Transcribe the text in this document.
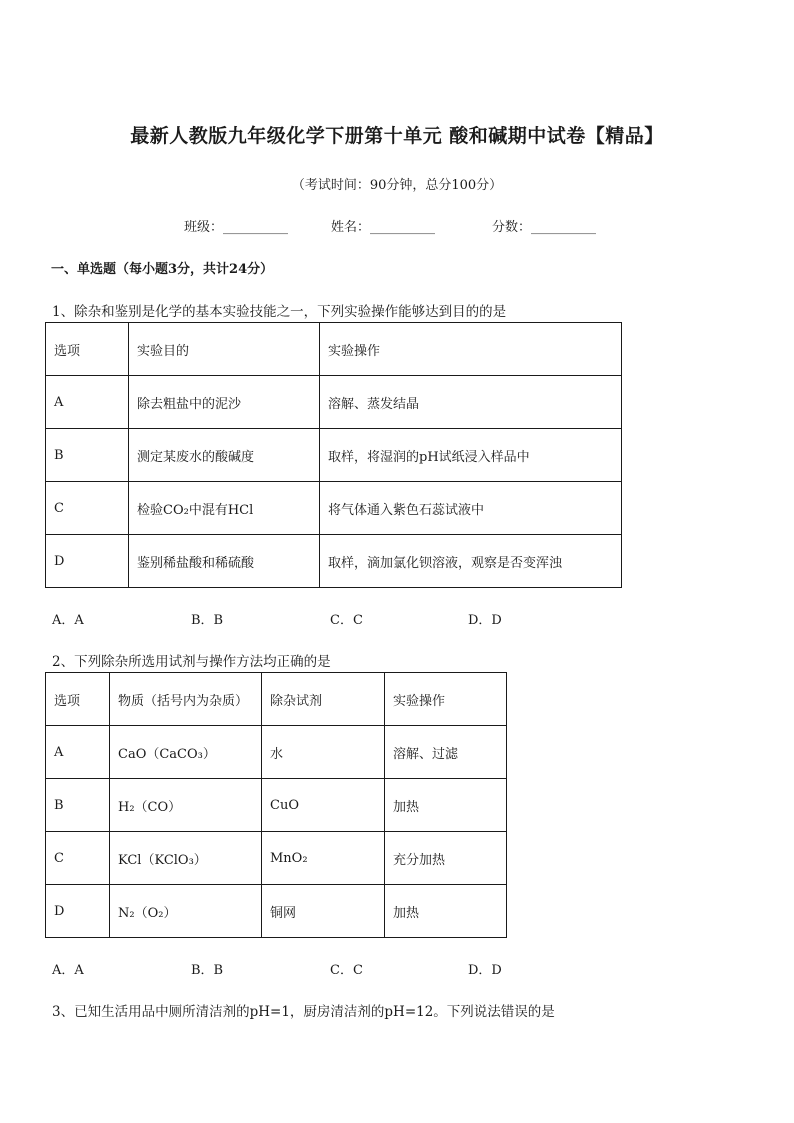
最新人教版九年级化学下册第十单元 酸和碱期中试卷【精品】
（考试时间：90分钟，总分100分）
班级：__________	姓名：__________	分数：__________
一、单选题（每小题3分，共计24分）
1、除杂和鉴别是化学的基本实验技能之一，下列实验操作能够达到目的的是
选项	实验目的	实验操作
A	除去粗盐中的泥沙	溶解、蒸发结晶
B	测定某废水的酸碱度	取样，将湿润的pH试纸浸入样品中
C	检验CO₂中混有HCl	将气体通入紫色石蕊试液中
D	鉴别稀盐酸和稀硫酸	取样，滴加氯化钡溶液，观察是否变浑浊
A．A	B．B	C．C	D．D
2、下列除杂所选用试剂与操作方法均正确的是
选项	物质（括号内为杂质）	除杂试剂	实验操作
A	CaO（CaCO₃）	水	溶解、过滤
B	H₂（CO）	CuO	加热
C	KCl（KClO₃）	MnO₂	充分加热
D	N₂（O₂）	铜网	加热
A．A	B．B	C．C	D．D
3、已知生活用品中厕所清洁剂的pH=1，厨房清洁剂的pH=12。下列说法错误的是
